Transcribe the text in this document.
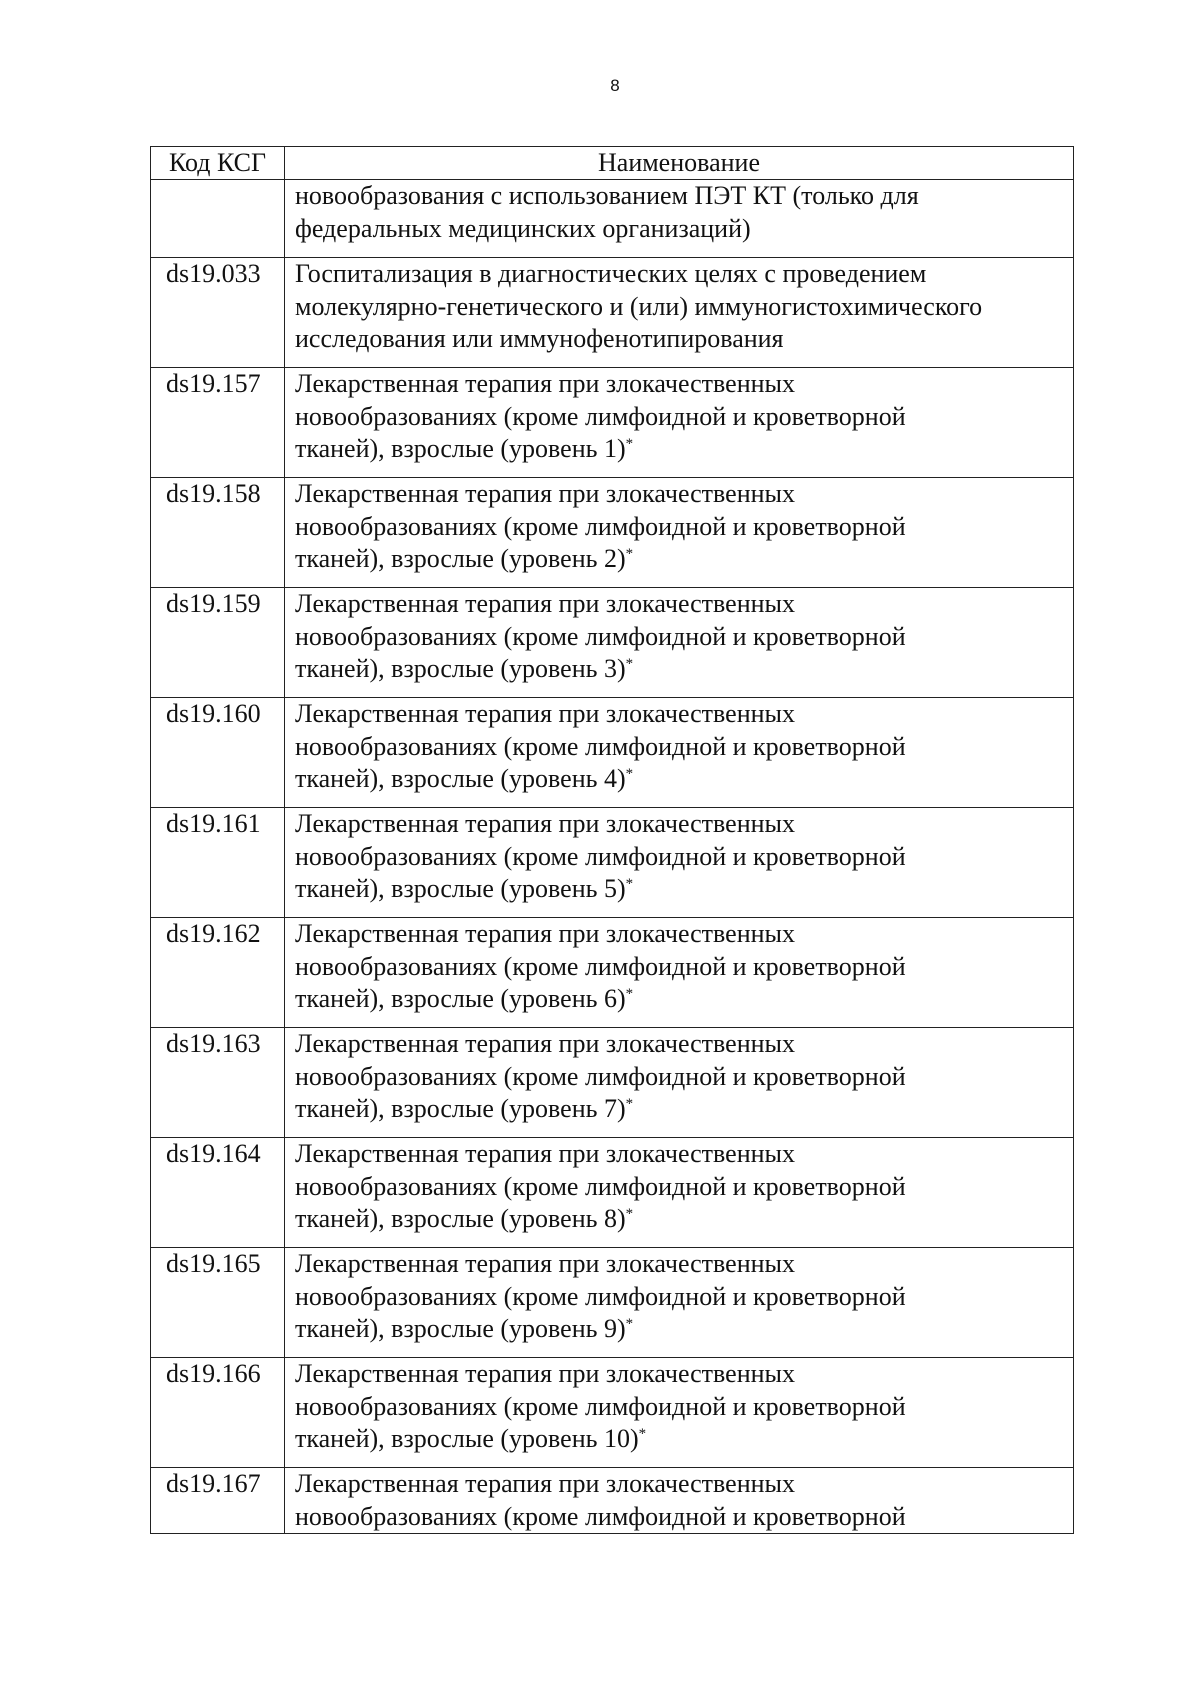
8
Код КСГ	Наименование
	новообразования с использованием ПЭТ КТ (только для
федеральных медицинских организаций)
ds19.033	Госпитализация в диагностических целях с проведением
молекулярно-генетического и (или) иммуногистохимического
исследования или иммунофенотипирования
ds19.157	Лекарственная терапия при злокачественных
новообразованиях (кроме лимфоидной и кроветворной
тканей), взрослые (уровень 1)*
ds19.158	Лекарственная терапия при злокачественных
новообразованиях (кроме лимфоидной и кроветворной
тканей), взрослые (уровень 2)*
ds19.159	Лекарственная терапия при злокачественных
новообразованиях (кроме лимфоидной и кроветворной
тканей), взрослые (уровень 3)*
ds19.160	Лекарственная терапия при злокачественных
новообразованиях (кроме лимфоидной и кроветворной
тканей), взрослые (уровень 4)*
ds19.161	Лекарственная терапия при злокачественных
новообразованиях (кроме лимфоидной и кроветворной
тканей), взрослые (уровень 5)*
ds19.162	Лекарственная терапия при злокачественных
новообразованиях (кроме лимфоидной и кроветворной
тканей), взрослые (уровень 6)*
ds19.163	Лекарственная терапия при злокачественных
новообразованиях (кроме лимфоидной и кроветворной
тканей), взрослые (уровень 7)*
ds19.164	Лекарственная терапия при злокачественных
новообразованиях (кроме лимфоидной и кроветворной
тканей), взрослые (уровень 8)*
ds19.165	Лекарственная терапия при злокачественных
новообразованиях (кроме лимфоидной и кроветворной
тканей), взрослые (уровень 9)*
ds19.166	Лекарственная терапия при злокачественных
новообразованиях (кроме лимфоидной и кроветворной
тканей), взрослые (уровень 10)*
ds19.167	Лекарственная терапия при злокачественных
новообразованиях (кроме лимфоидной и кроветворной
